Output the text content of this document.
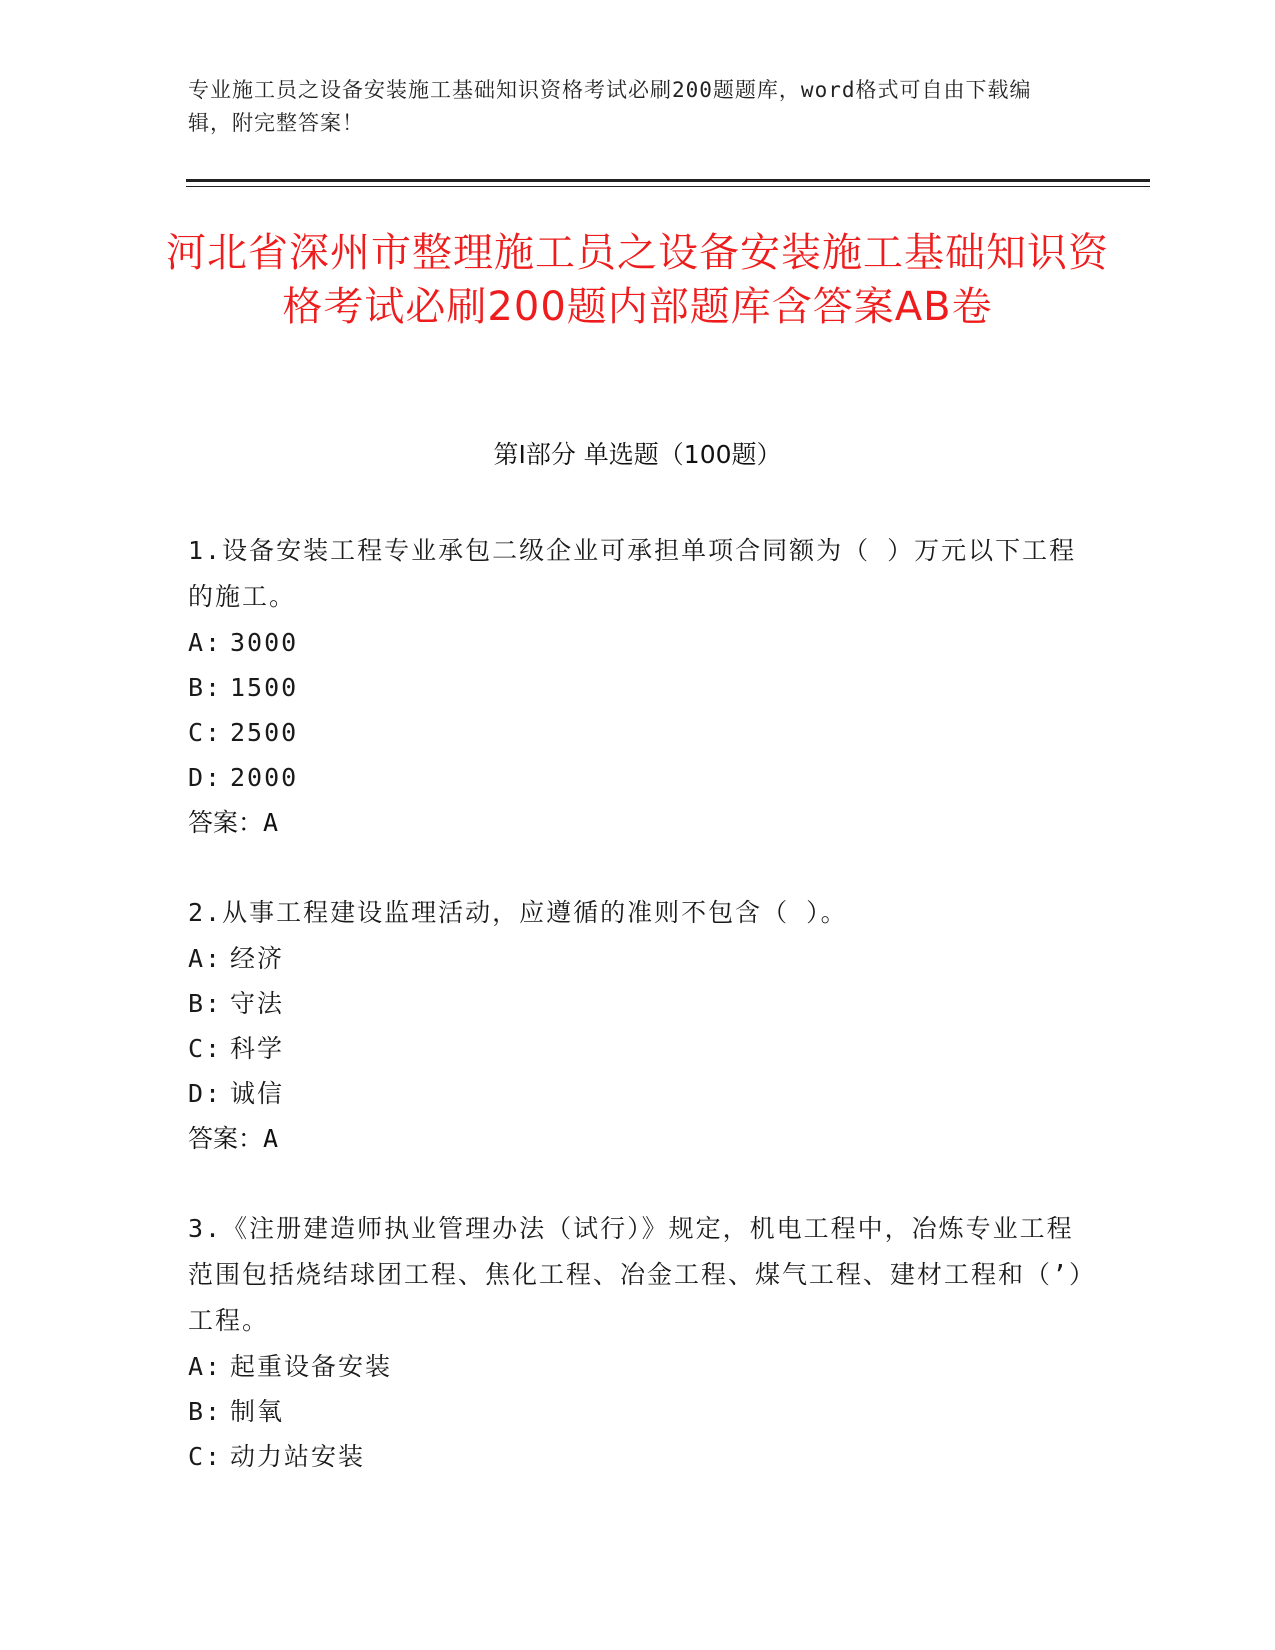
专业施工员之设备安装施工基础知识资格考试必刷200题题库，word格式可自由下载编辑，附完整答案！
河北省深州市整理施工员之设备安装施工基础知识资格考试必刷200题内部题库含答案AB卷
第Ⅰ部分 单选题（100题）
1.设备安装工程专业承包二级企业可承担单项合同额为（ ）万元以下工程的施工。
A: 3000
B: 1500
C: 2500
D: 2000
答案：A
2.从事工程建设监理活动，应遵循的准则不包含（ ）。
A: 经济
B: 守法
C: 科学
D: 诚信
答案：A
3.《注册建造师执业管理办法（试行）》规定，机电工程中，冶炼专业工程范围包括烧结球团工程、焦化工程、冶金工程、煤气工程、建材工程和（’）工程。
A: 起重设备安装
B: 制氧
C: 动力站安装
